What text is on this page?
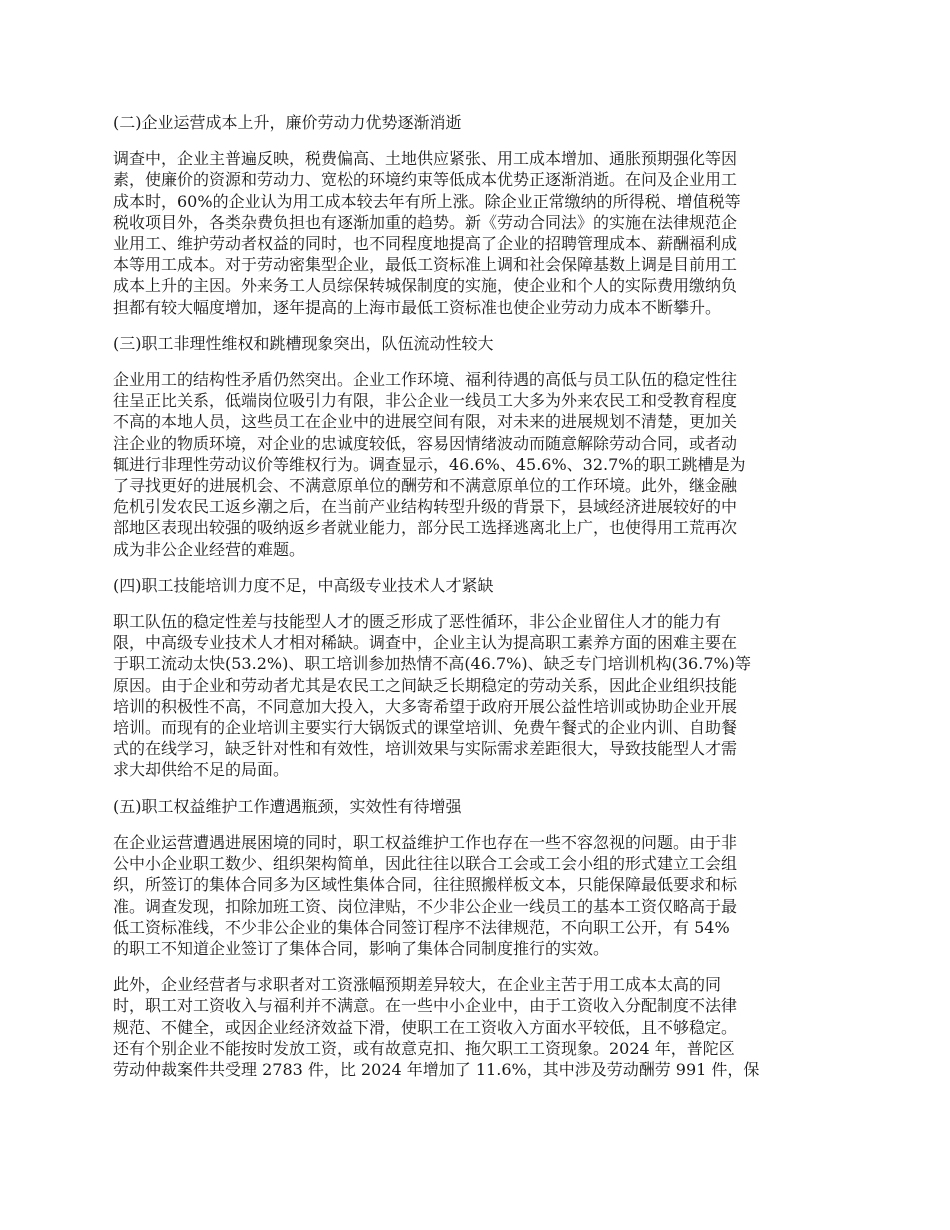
(二)企业运营成本上升，廉价劳动力优势逐渐消逝
调查中，企业主普遍反映，税费偏高、土地供应紧张、用工成本增加、通胀预期强化等因
素，使廉价的资源和劳动力、宽松的环境约束等低成本优势正逐渐消逝。在问及企业用工
成本时，60%的企业认为用工成本较去年有所上涨。除企业正常缴纳的所得税、增值税等
税收项目外，各类杂费负担也有逐渐加重的趋势。新《劳动合同法》的实施在法律规范企
业用工、维护劳动者权益的同时，也不同程度地提高了企业的招聘管理成本、薪酬福利成
本等用工成本。对于劳动密集型企业，最低工资标准上调和社会保障基数上调是目前用工
成本上升的主因。外来务工人员综保转城保制度的实施，使企业和个人的实际费用缴纳负
担都有较大幅度增加，逐年提高的上海市最低工资标准也使企业劳动力成本不断攀升。
(三)职工非理性维权和跳槽现象突出，队伍流动性较大
企业用工的结构性矛盾仍然突出。企业工作环境、福利待遇的高低与员工队伍的稳定性往
往呈正比关系，低端岗位吸引力有限，非公企业一线员工大多为外来农民工和受教育程度
不高的本地人员，这些员工在企业中的进展空间有限，对未来的进展规划不清楚，更加关
注企业的物质环境，对企业的忠诚度较低，容易因情绪波动而随意解除劳动合同，或者动
辄进行非理性劳动议价等维权行为。调查显示，46.6%、45.6%、32.7%的职工跳槽是为
了寻找更好的进展机会、不满意原单位的酬劳和不满意原单位的工作环境。此外，继金融
危机引发农民工返乡潮之后，在当前产业结构转型升级的背景下，县域经济进展较好的中
部地区表现出较强的吸纳返乡者就业能力，部分民工选择逃离北上广，也使得用工荒再次
成为非公企业经营的难题。
(四)职工技能培训力度不足，中高级专业技术人才紧缺
职工队伍的稳定性差与技能型人才的匮乏形成了恶性循环，非公企业留住人才的能力有
限，中高级专业技术人才相对稀缺。调查中，企业主认为提高职工素养方面的困难主要在
于职工流动太快(53.2%)、职工培训参加热情不高(46.7%)、缺乏专门培训机构(36.7%)等
原因。由于企业和劳动者尤其是农民工之间缺乏长期稳定的劳动关系，因此企业组织技能
培训的积极性不高，不同意加大投入，大多寄希望于政府开展公益性培训或协助企业开展
培训。而现有的企业培训主要实行大锅饭式的课堂培训、免费午餐式的企业内训、自助餐
式的在线学习，缺乏针对性和有效性，培训效果与实际需求差距很大，导致技能型人才需
求大却供给不足的局面。
(五)职工权益维护工作遭遇瓶颈，实效性有待增强
在企业运营遭遇进展困境的同时，职工权益维护工作也存在一些不容忽视的问题。由于非
公中小企业职工数少、组织架构简单，因此往往以联合工会或工会小组的形式建立工会组
织，所签订的集体合同多为区域性集体合同，往往照搬样板文本，只能保障最低要求和标
准。调查发现，扣除加班工资、岗位津贴，不少非公企业一线员工的基本工资仅略高于最
低工资标准线，不少非公企业的集体合同签订程序不法律规范，不向职工公开，有 54%
的职工不知道企业签订了集体合同，影响了集体合同制度推行的实效。
此外，企业经营者与求职者对工资涨幅预期差异较大，在企业主苦于用工成本太高的同
时，职工对工资收入与福利并不满意。在一些中小企业中，由于工资收入分配制度不法律
规范、不健全，或因企业经济效益下滑，使职工在工资收入方面水平较低，且不够稳定。
还有个别企业不能按时发放工资，或有故意克扣、拖欠职工工资现象。2024 年，普陀区
劳动仲裁案件共受理 2783 件，比 2024 年增加了 11.6%，其中涉及劳动酬劳 991 件，保
